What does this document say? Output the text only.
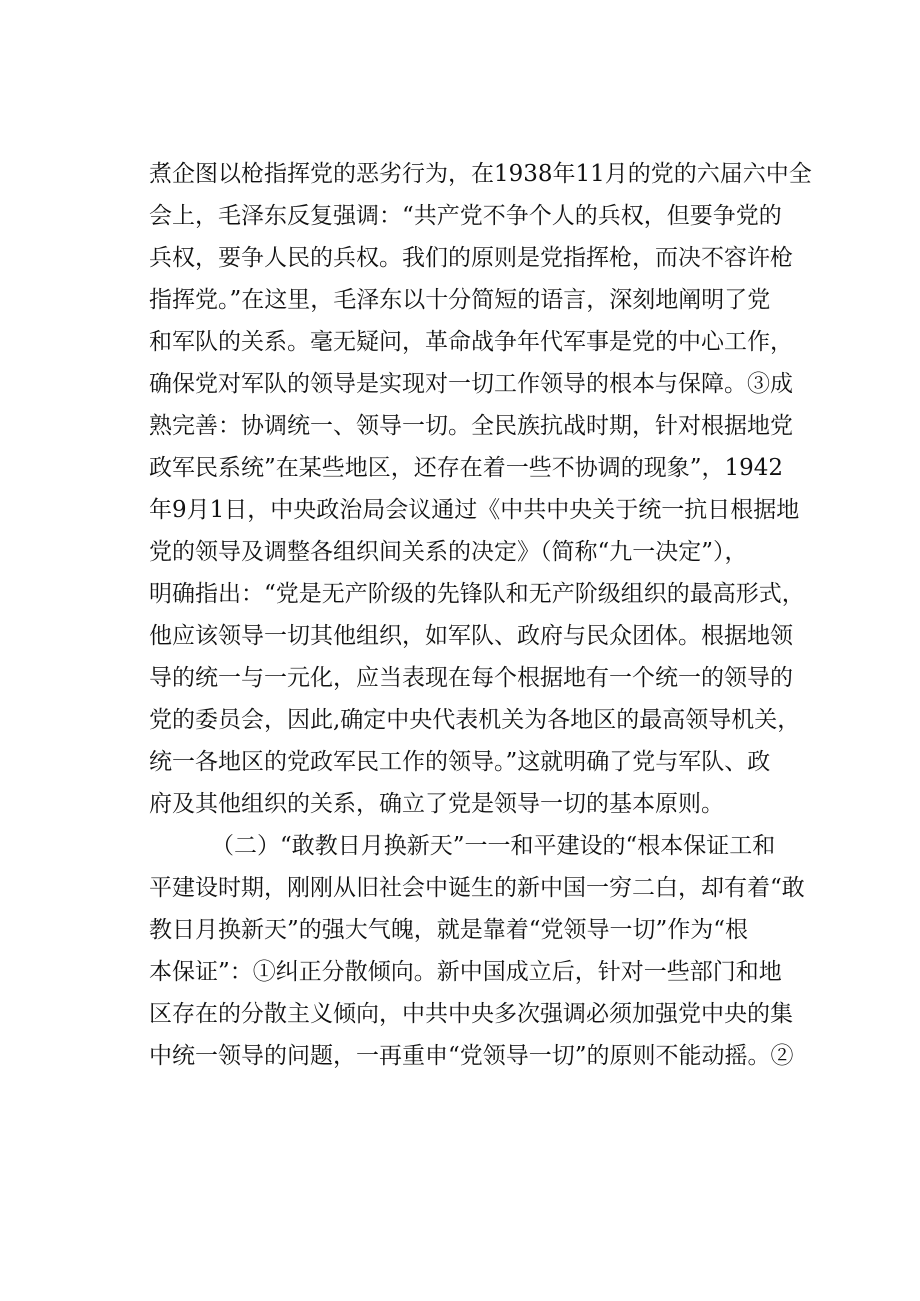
煮企图以枪指挥党的恶劣行为，在1938年11月的党的六届六中全
会上，毛泽东反复强调：“共产党不争个人的兵权，但要争党的
兵权，要争人民的兵权。我们的原则是党指挥枪，而决不容许枪
指挥党。”在这里，毛泽东以十分简短的语言，深刻地阐明了党
和军队的关系。毫无疑问，革命战争年代军事是党的中心工作，
确保党对军队的领导是实现对一切工作领导的根本与保障。③成
熟完善：协调统一、领导一切。全民族抗战时期，针对根据地党
政军民系统”在某些地区，还存在着一些不协调的现象”，1942
年9月1日，中央政治局会议通过《中共中央关于统一抗日根据地
党的领导及调整各组织间关系的决定》（简称“九一决定”），
明确指出：“党是无产阶级的先锋队和无产阶级组织的最高形式，
他应该领导一切其他组织，如军队、政府与民众团体。根据地领
导的统一与一元化，应当表现在每个根据地有一个统一的领导的
党的委员会，因此,确定中央代表机关为各地区的最高领导机关，
统一各地区的党政军民工作的领导。”这就明确了党与军队、政
府及其他组织的关系，确立了党是领导一切的基本原则。
（二）“敢教日月换新天”一一和平建设的“根本保证工和
平建设时期，刚刚从旧社会中诞生的新中国一穷二白，却有着“敢
教日月换新天”的强大气魄，就是靠着“党领导一切”作为“根
本保证”：①纠正分散倾向。新中国成立后，针对一些部门和地
区存在的分散主义倾向，中共中央多次强调必须加强党中央的集
中统一领导的问题，一再重申“党领导一切”的原则不能动摇。②
